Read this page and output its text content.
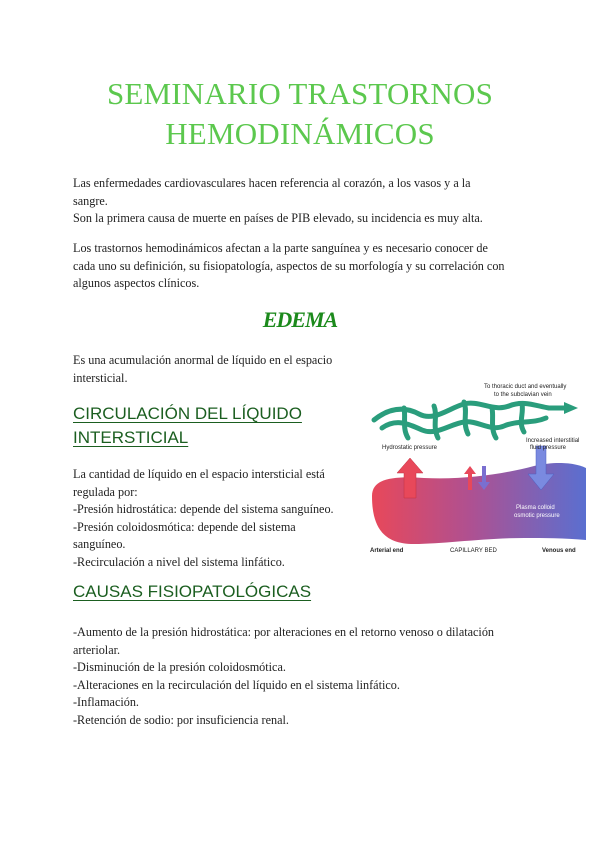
SEMINARIO TRASTORNOS
HEMODINÁMICOS
Las enfermedades cardiovasculares hacen referencia al corazón, a los vasos y a la
sangre.
Son la primera causa de muerte en países de PIB elevado, su incidencia es muy alta.
Los trastornos hemodinámicos afectan a la parte sanguínea y es necesario conocer de
cada uno su definición, su fisiopatología, aspectos de su morfología y su correlación con
algunos aspectos clínicos.
EDEMA
Es una acumulación anormal de líquido en el espacio
intersticial.
CIRCULACIÓN DEL LÍQUIDO
INTERSTICIAL
La cantidad de líquido en el espacio intersticial está
regulada por:
-Presión hidrostática: depende del sistema sanguíneo.
-Presión coloidosmótica: depende del sistema
sanguíneo.
-Recirculación a nivel del sistema linfático.
To thoracic duct and eventually
to the subclavian vein
Hydrostatic pressure
Increased interstitial
fluid pressure
Plasma colloid
osmotic pressure
Arterial end	CAPILLARY BED	Venous end
CAUSAS FISIOPATOLÓGICAS
-Aumento de la presión hidrostática: por alteraciones en el retorno venoso o dilatación
arteriolar.
-Disminución de la presión coloidosmótica.
-Alteraciones en la recirculación del líquido en el sistema linfático.
-Inflamación.
-Retención de sodio: por insuficiencia renal.
